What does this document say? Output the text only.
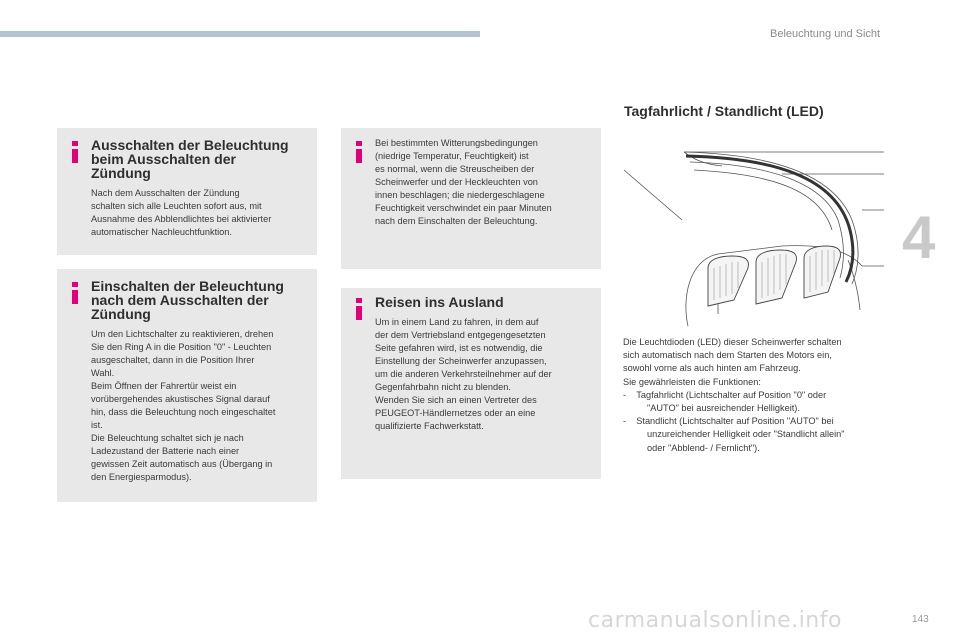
Beleuchtung und Sicht
4
Ausschalten der Beleuchtung
beim Ausschalten der
Zündung

Nach dem Ausschalten der Zündung

schalten sich alle Leuchten sofort aus, mit

Ausnahme des Abblendlichtes bei aktivierter

automatischer Nachleuchtfunktion.

Einschalten der Beleuchtung
nach dem Ausschalten der
Zündung

Um den Lichtschalter zu reaktivieren, drehen

Sie den Ring A in die Position "0" - Leuchten

ausgeschaltet, dann in die Position Ihrer

Wahl.

Beim Öffnen der Fahrertür weist ein

vorübergehendes akustisches Signal darauf

hin, dass die Beleuchtung noch eingeschaltet

ist.

Die Beleuchtung schaltet sich je nach

Ladezustand der Batterie nach einer

gewissen Zeit automatisch aus (Übergang in

den Energiesparmodus).

Bei bestimmten Witterungsbedingungen

(niedrige Temperatur, Feuchtigkeit) ist

es normal, wenn die Streuscheiben der

Scheinwerfer und der Heckleuchten von

innen beschlagen; die niedergeschlagene

Feuchtigkeit verschwindet ein paar Minuten

nach dem Einschalten der Beleuchtung.

Reisen ins Ausland

Um in einem Land zu fahren, in dem auf

der dem Vertriebsland entgegengesetzten

Seite gefahren wird, ist es notwendig, die

Einstellung der Scheinwerfer anzupassen,

um die anderen Verkehrsteilnehmer auf der

Gegenfahrbahn nicht zu blenden.

Wenden Sie sich an einen Vertreter des

PEUGEOT-Händlernetzes oder an eine

qualifizierte Fachwerkstatt.

Tagfahrlicht / Standlicht (LED)

Die Leuchtdioden (LED) dieser Scheinwerfer schalten

sich automatisch nach dem Starten des Motors ein,

sowohl vorne als auch hinten am Fahrzeug.

Sie gewährleisten die Funktionen:

-    Tagfahrlicht (Lichtschalter auf Position "0" oder
"AUTO" bei ausreichender Helligkeit).

-    Standlicht (Lichtschalter auf Position "AUTO" bei
unzureichender Helligkeit oder "Standlicht allein"
oder "Abblend- / Fernlicht").

carmanualsonline.info	143
